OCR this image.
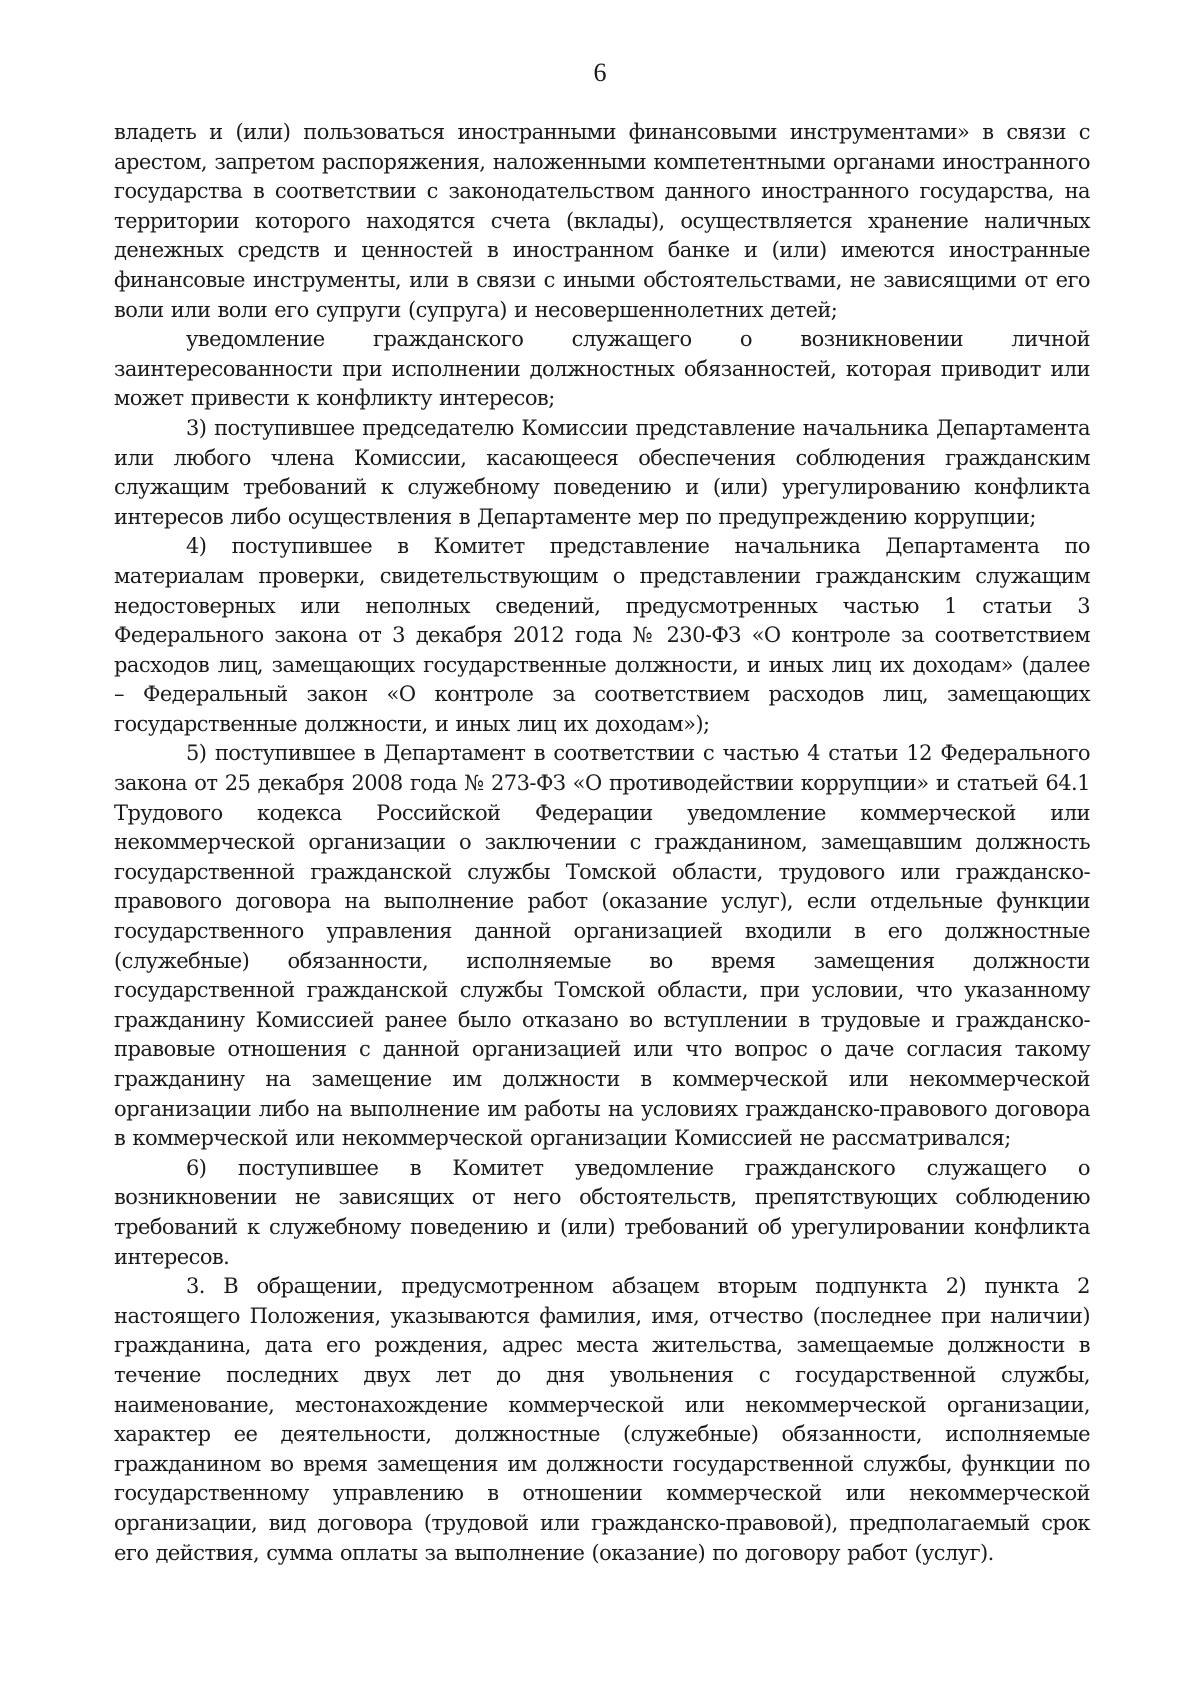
6

владеть и (или) пользоваться иностранными финансовыми инструментами» в связи с арестом, запретом распоряжения, наложенными компетентными органами иностранного государства в соответствии с законодательством данного иностранного государства, на территории которого находятся счета (вклады), осуществляется хранение наличных денежных средств и ценностей в иностранном банке и (или) имеются иностранные финансовые инструменты, или в связи с иными обстоятельствами, не зависящими от его воли или воли его супруги (супруга) и несовершеннолетних детей;

уведомление гражданского служащего о возникновении личной заинтересованности при исполнении должностных обязанностей, которая приводит или может привести к конфликту интересов;

3) поступившее председателю Комиссии представление начальника Департамента или любого члена Комиссии, касающееся обеспечения соблюдения гражданским служащим требований к служебному поведению и (или) урегулированию конфликта интересов либо осуществления в Департаменте мер по предупреждению коррупции;

4) поступившее в Комитет представление начальника Департамента по материалам проверки, свидетельствующим о представлении гражданским служащим недостоверных или неполных сведений, предусмотренных частью 1 статьи 3 Федерального закона от 3 декабря 2012 года № 230-ФЗ «О контроле за соответствием расходов лиц, замещающих государственные должности, и иных лиц их доходам» (далее – Федеральный закон «О контроле за соответствием расходов лиц, замещающих государственные должности, и иных лиц их доходам»);

5) поступившее в Департамент в соответствии с частью 4 статьи 12 Федерального закона от 25 декабря 2008 года № 273-ФЗ «О противодействии коррупции» и статьей 64.1 Трудового кодекса Российской Федерации уведомление коммерческой или некоммерческой организации о заключении с гражданином, замещавшим должность государственной гражданской службы Томской области, трудового или гражданско-правового договора на выполнение работ (оказание услуг), если отдельные функции государственного управления данной организацией входили в его должностные (служебные) обязанности, исполняемые во время замещения должности государственной гражданской службы Томской области, при условии, что указанному гражданину Комиссией ранее было отказано во вступлении в трудовые и гражданско-правовые отношения с данной организацией или что вопрос о даче согласия такому гражданину на замещение им должности в коммерческой или некоммерческой организации либо на выполнение им работы на условиях гражданско-правового договора в коммерческой или некоммерческой организации Комиссией не рассматривался;

6) поступившее в Комитет уведомление гражданского служащего о возникновении не зависящих от него обстоятельств, препятствующих соблюдению требований к служебному поведению и (или) требований об урегулировании конфликта интересов.

3. В обращении, предусмотренном абзацем вторым подпункта 2) пункта 2 настоящего Положения, указываются фамилия, имя, отчество (последнее при наличии) гражданина, дата его рождения, адрес места жительства, замещаемые должности в течение последних двух лет до дня увольнения с государственной службы, наименование, местонахождение коммерческой или некоммерческой организации, характер ее деятельности, должностные (служебные) обязанности, исполняемые гражданином во время замещения им должности государственной службы, функции по государственному управлению в отношении коммерческой или некоммерческой организации, вид договора (трудовой или гражданско-правовой), предполагаемый срок его действия, сумма оплаты за выполнение (оказание) по договору работ (услуг).
